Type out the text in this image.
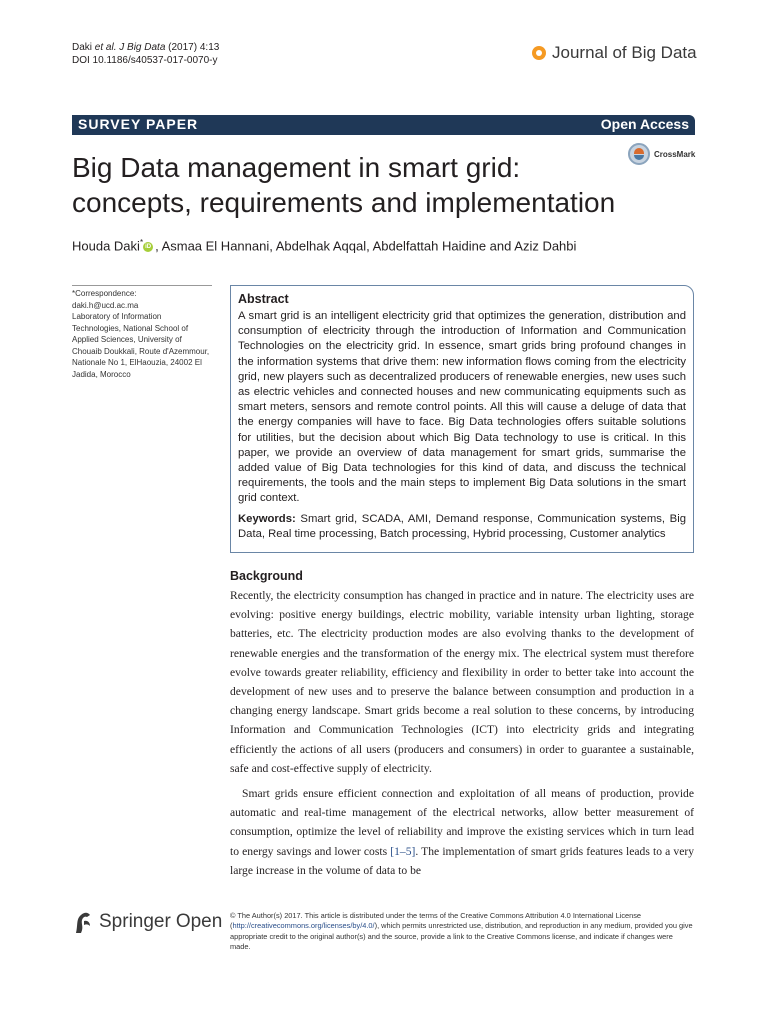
Daki et al. J Big Data (2017) 4:13
DOI 10.1186/s40537-017-0070-y	Journal of Big Data
SURVEY PAPER	Open Access
Big Data management in smart grid: concepts, requirements and implementation
CrossMark
Houda Daki* iD , Asmaa El Hannani, Abdelhak Aqqal, Abdelfattah Haidine and Aziz Dahbi
*Correspondence:
daki.h@ucd.ac.ma
Laboratory of Information Technologies, National School of Applied Sciences, University of Chouaib Doukkali, Route d'Azemmour, Nationale No 1, ElHaouzia, 24002 El Jadida, Morocco
Abstract

A smart grid is an intelligent electricity grid that optimizes the generation, distribution and consumption of electricity through the introduction of Information and Communication Technologies on the electricity grid. In essence, smart grids bring profound changes in the information systems that drive them: new information flows coming from the electricity grid, new players such as decentralized producers of renewable energies, new uses such as electric vehicles and connected houses and new communicating equipments such as smart meters, sensors and remote control points. All this will cause a deluge of data that the energy companies will have to face. Big Data technologies offers suitable solutions for utilities, but the decision about which Big Data technology to use is critical. In this paper, we provide an overview of data management for smart grids, summarise the added value of Big Data technologies for this kind of data, and discuss the technical requirements, the tools and the main steps to implement Big Data solutions in the smart grid context.

Keywords: Smart grid, SCADA, AMI, Demand response, Communication systems, Big Data, Real time processing, Batch processing, Hybrid processing, Customer analytics

Background

Recently, the electricity consumption has changed in practice and in nature. The electricity uses are evolving: positive energy buildings, electric mobility, variable intensity urban lighting, storage batteries, etc. The electricity production modes are also evolving thanks to the development of renewable energies and the transformation of the energy mix. The electrical system must therefore evolve towards greater reliability, efficiency and flexibility in order to better take into account the development of new uses and to preserve the balance between consumption and production in a changing energy landscape. Smart grids become a real solution to these concerns, by introducing Information and Communication Technologies (ICT) into electricity grids and integrating efficiently the actions of all users (producers and consumers) in order to guarantee a sustainable, safe and cost-effective supply of electricity.

Smart grids ensure efficient connection and exploitation of all means of production, provide automatic and real-time management of the electrical networks, allow better measurement of consumption, optimize the level of reliability and improve the existing services which in turn lead to energy savings and lower costs [1–5]. The implementation of smart grids features leads to a very large increase in the volume of data to be

Springer Open © The Author(s) 2017. This article is distributed under the terms of the Creative Commons Attribution 4.0 International License (http://creativecommons.org/licenses/by/4.0/), which permits unrestricted use, distribution, and reproduction in any medium, provided you give appropriate credit to the original author(s) and the source, provide a link to the Creative Commons license, and indicate if changes were made.
